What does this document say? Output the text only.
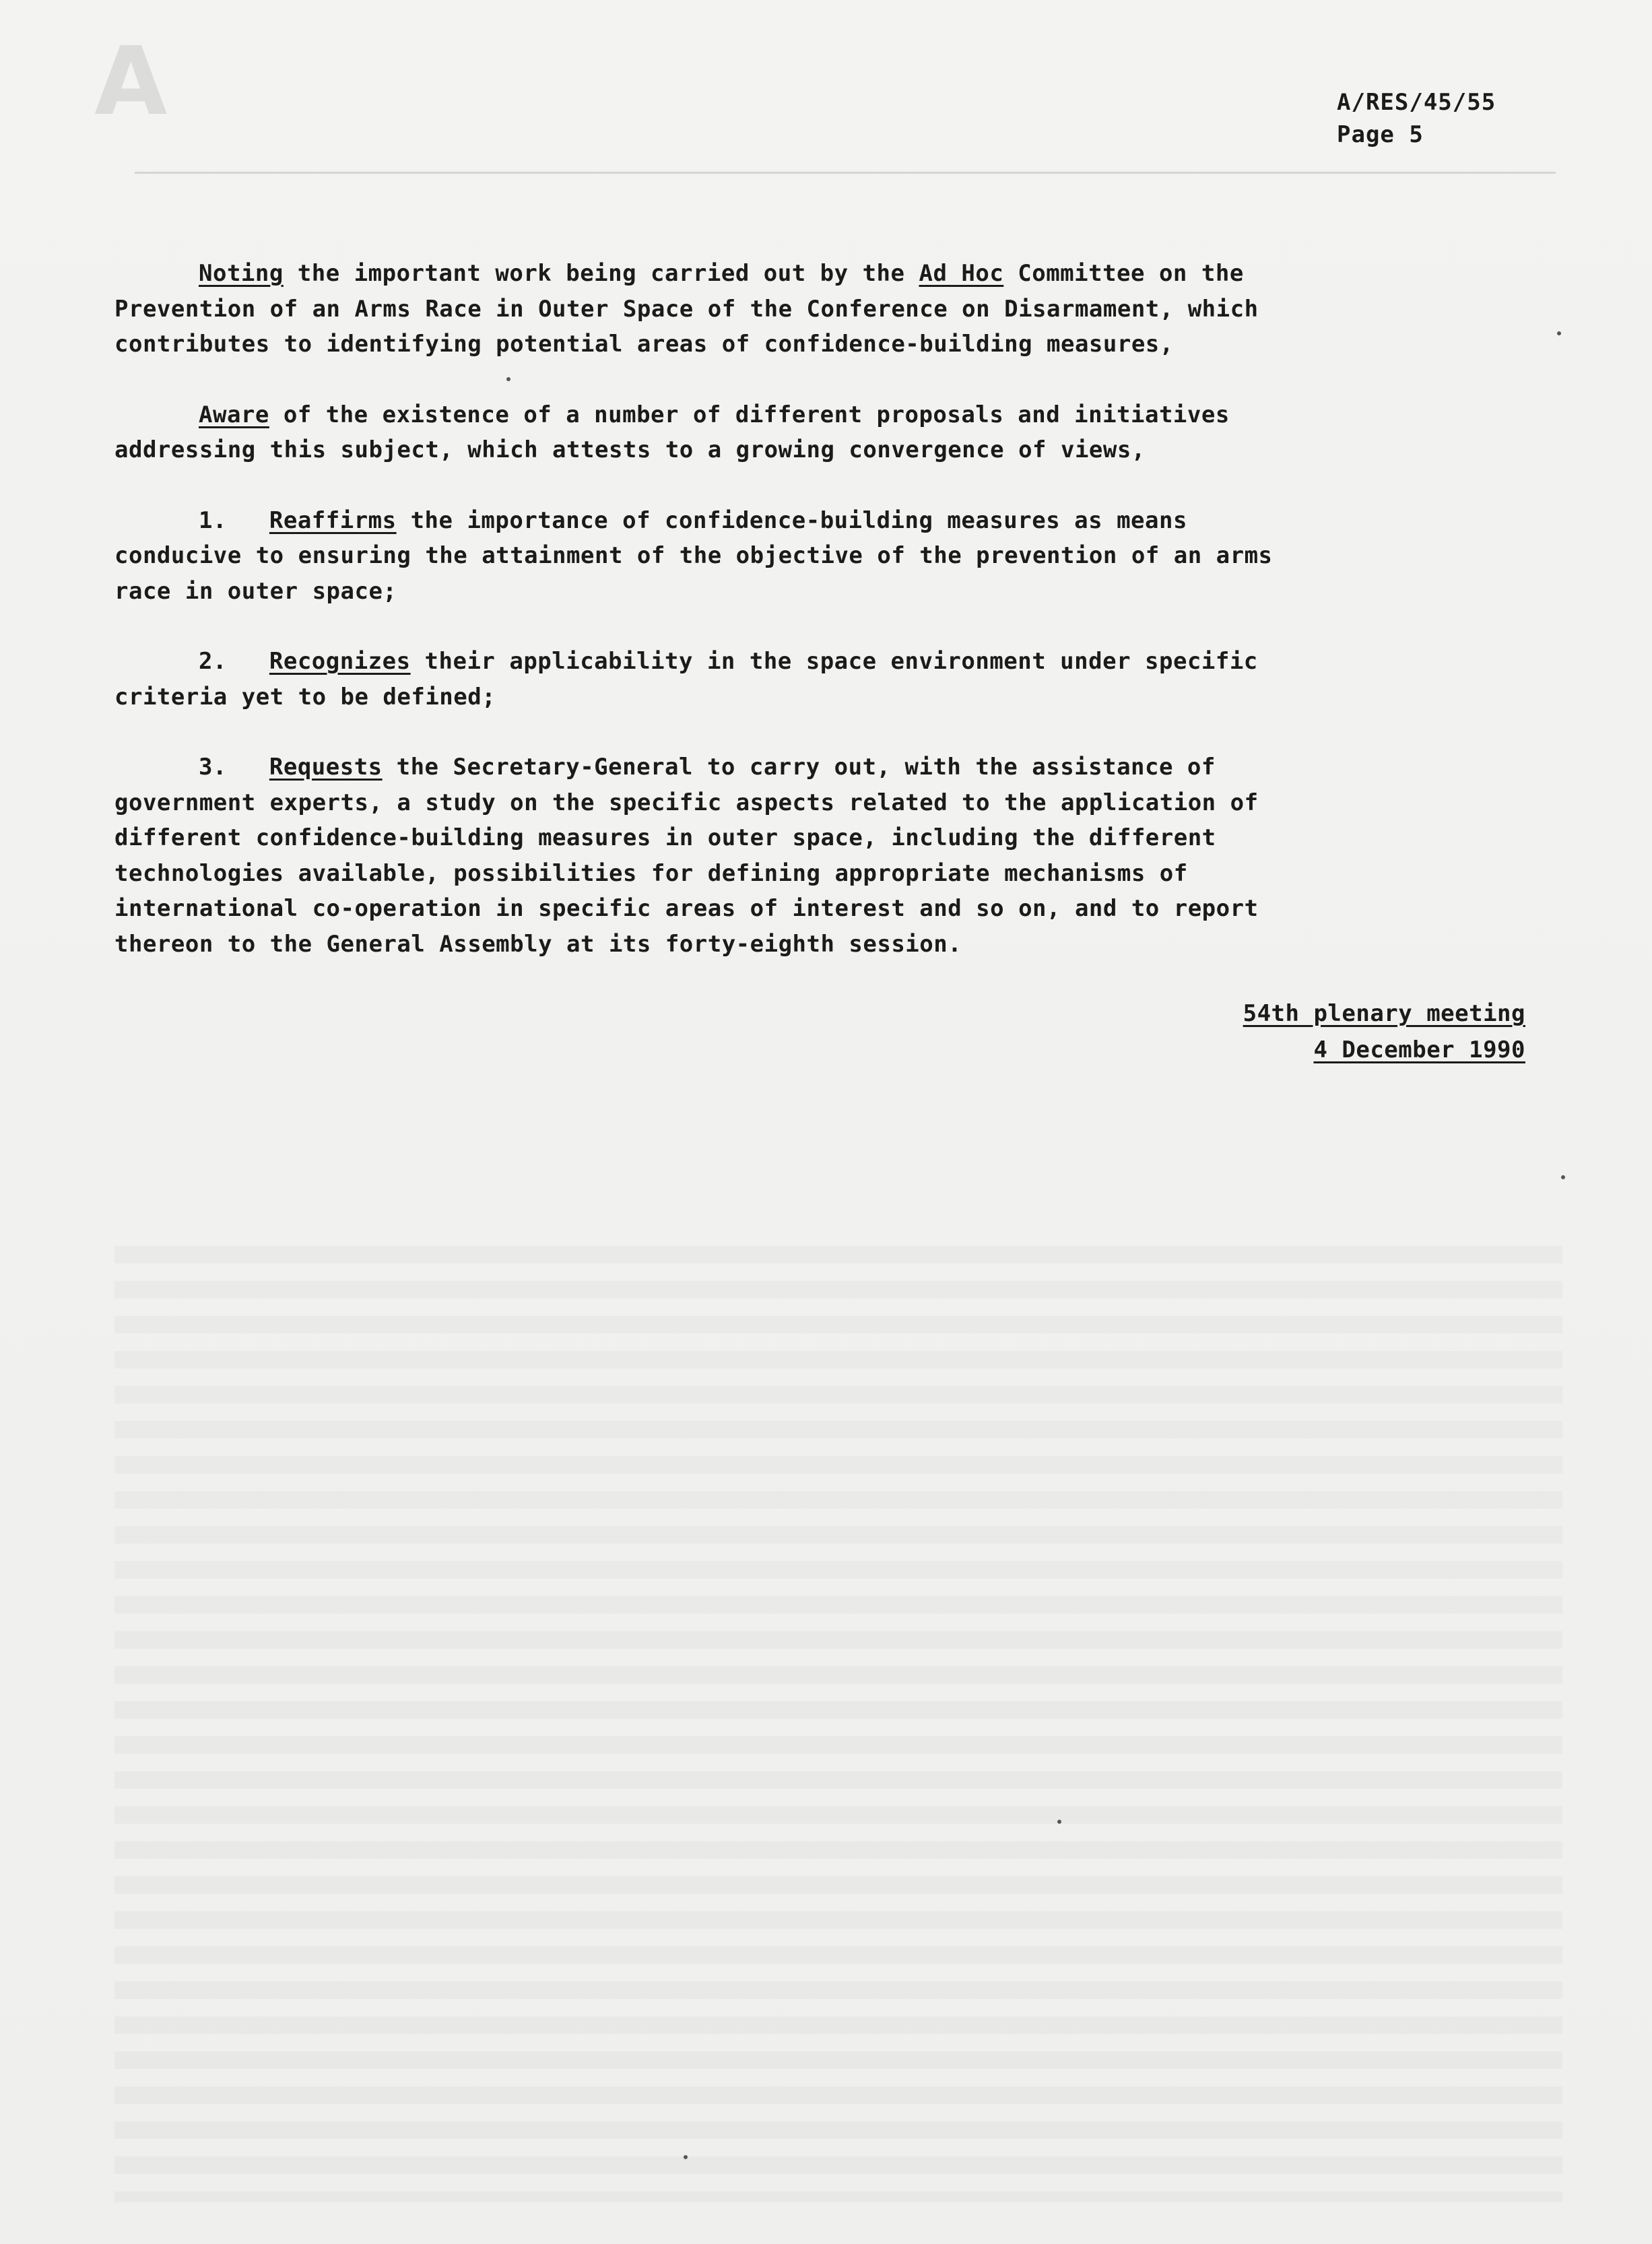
A	A/RES/45/55
Page 5

Noting the important work being carried out by the Ad Hoc Committee on the

Prevention of an Arms Race in Outer Space of the Conference on Disarmament, which

contributes to identifying potential areas of confidence-building measures,

Aware of the existence of a number of different proposals and initiatives

addressing this subject, which attests to a growing convergence of views,

1. Reaffirms the importance of confidence-building measures as means

conducive to ensuring the attainment of the objective of the prevention of an arms

race in outer space;

2. Recognizes their applicability in the space environment under specific

criteria yet to be defined;

3. Requests the Secretary-General to carry out, with the assistance of

government experts, a study on the specific aspects related to the application of

different confidence-building measures in outer space, including the different

technologies available, possibilities for defining appropriate mechanisms of

international co-operation in specific areas of interest and so on, and to report

thereon to the General Assembly at its forty-eighth session.

54th plenary meeting
4 December 1990
